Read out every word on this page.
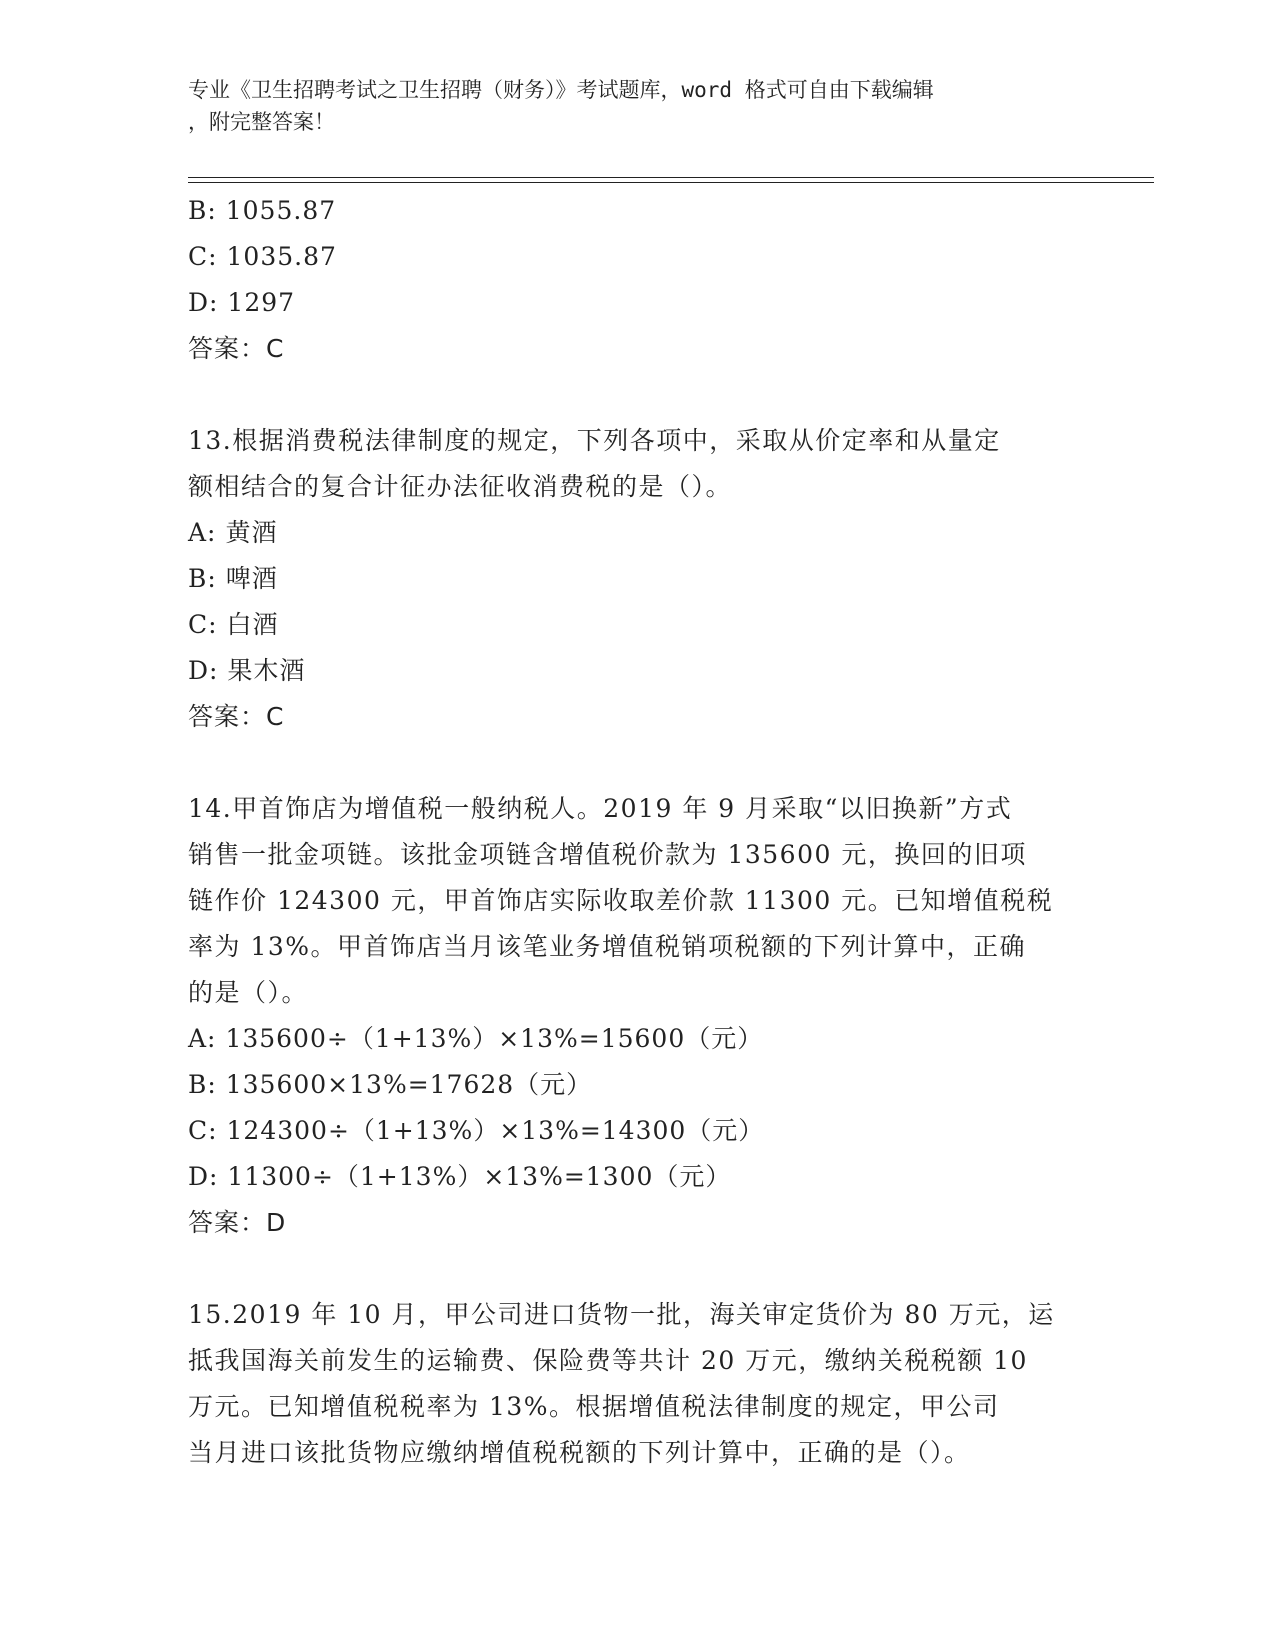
专业《卫生招聘考试之卫生招聘（财务）》考试题库，word 格式可自由下载编辑
，附完整答案！
B: 1055.87
C: 1035.87
D: 1297
答案：C
13.根据消费税法律制度的规定，下列各项中，采取从价定率和从量定
额相结合的复合计征办法征收消费税的是（）。
A: 黄酒
B: 啤酒
C: 白酒
D: 果木酒
答案：C
14.甲首饰店为增值税一般纳税人。2019 年 9 月采取“以旧换新”方式
销售一批金项链。该批金项链含增值税价款为 135600 元，换回的旧项
链作价 124300 元，甲首饰店实际收取差价款 11300 元。已知增值税税
率为 13%。甲首饰店当月该笔业务增值税销项税额的下列计算中，正确
的是（）。
A: 135600÷（1+13%）×13%=15600（元）
B: 135600×13%=17628（元）
C: 124300÷（1+13%）×13%=14300（元）
D: 11300÷（1+13%）×13%=1300（元）
答案：D
15.2019 年 10 月，甲公司进口货物一批，海关审定货价为 80 万元，运
抵我国海关前发生的运输费、保险费等共计 20 万元，缴纳关税税额 10
万元。已知增值税税率为 13%。根据增值税法律制度的规定，甲公司
当月进口该批货物应缴纳增值税税额的下列计算中，正确的是（）。
